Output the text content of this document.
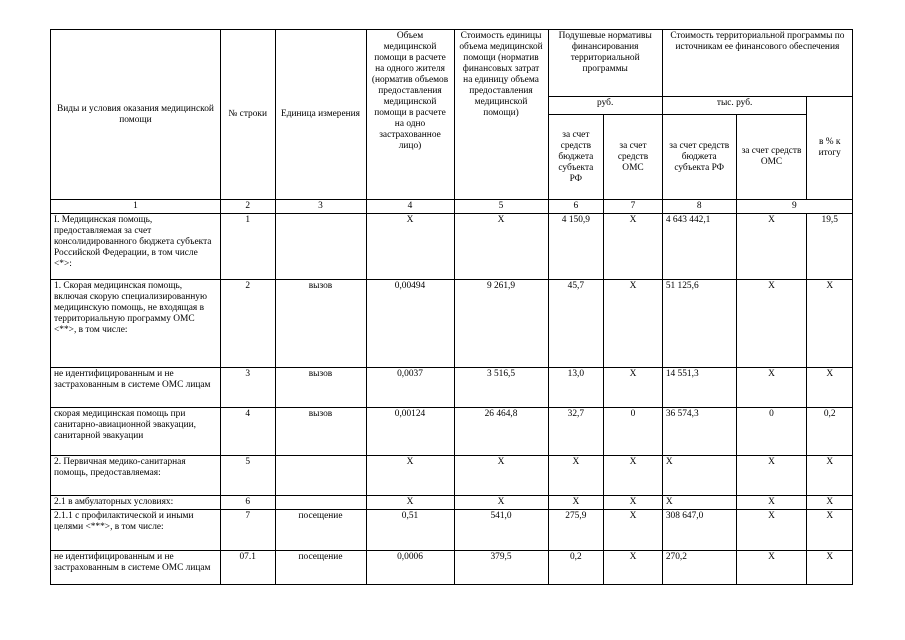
Виды и условия оказания медицинской помощи	№ строки	Единица измерения	Объем медицинской помощи в расчете на одного жителя (норматив объемов предоставления медицинской помощи в расчете на одно застрахованное лицо)	Стоимость единицы объема медицинской помощи (норматив финансовых затрат на единицу объема предоставления медицинской помощи)	Подушевые нормативы финансирования территориальной программы		Стоимость территориальной программы по источникам ее финансового обеспечения		
					руб.		тыс. руб.		в % к итогу
					за счет средств бюджета субъекта РФ	за счет средств ОМС	за счет средств бюджета субъекта РФ	за счет средств ОМС	
1	2	3	4	5	6	7	8	9	
I. Медицинская помощь, предоставляемая за счет консолидированного бюджета субъекта Российской Федерации, в том числе <*>:	1		X	X	4 150,9	X	4 643 442,1	X	19,5
1. Скорая медицинская помощь, включая скорую специализированную медицинскую помощь, не входящая в территориальную программу ОМС <**>, в том числе:	2	вызов	0,00494	9 261,9	45,7	X	51 125,6	X	X
не идентифицированным и не застрахованным в системе ОМС лицам	3	вызов	0,0037	3 516,5	13,0	X	14 551,3	X	X
скорая медицинская помощь при санитарно-авиационной эвакуации, санитарной эвакуации	4	вызов	0,00124	26 464,8	32,7	0	36 574,3	0	0,2
2. Первичная медико-санитарная помощь, предоставляемая:	5		X	X	X	X	X	X	X
2.1 в амбулаторных условиях:	6		X	X	X	X	X	X	X
2.1.1 с профилактической и иными целями <***>, в том числе:	7	посещение	0,51	541,0	275,9	X	308 647,0	X	X
не идентифицированным и не застрахованным в системе ОМС лицам	07.1	посещение	0,0006	379,5	0,2	X	270,2	X	X
